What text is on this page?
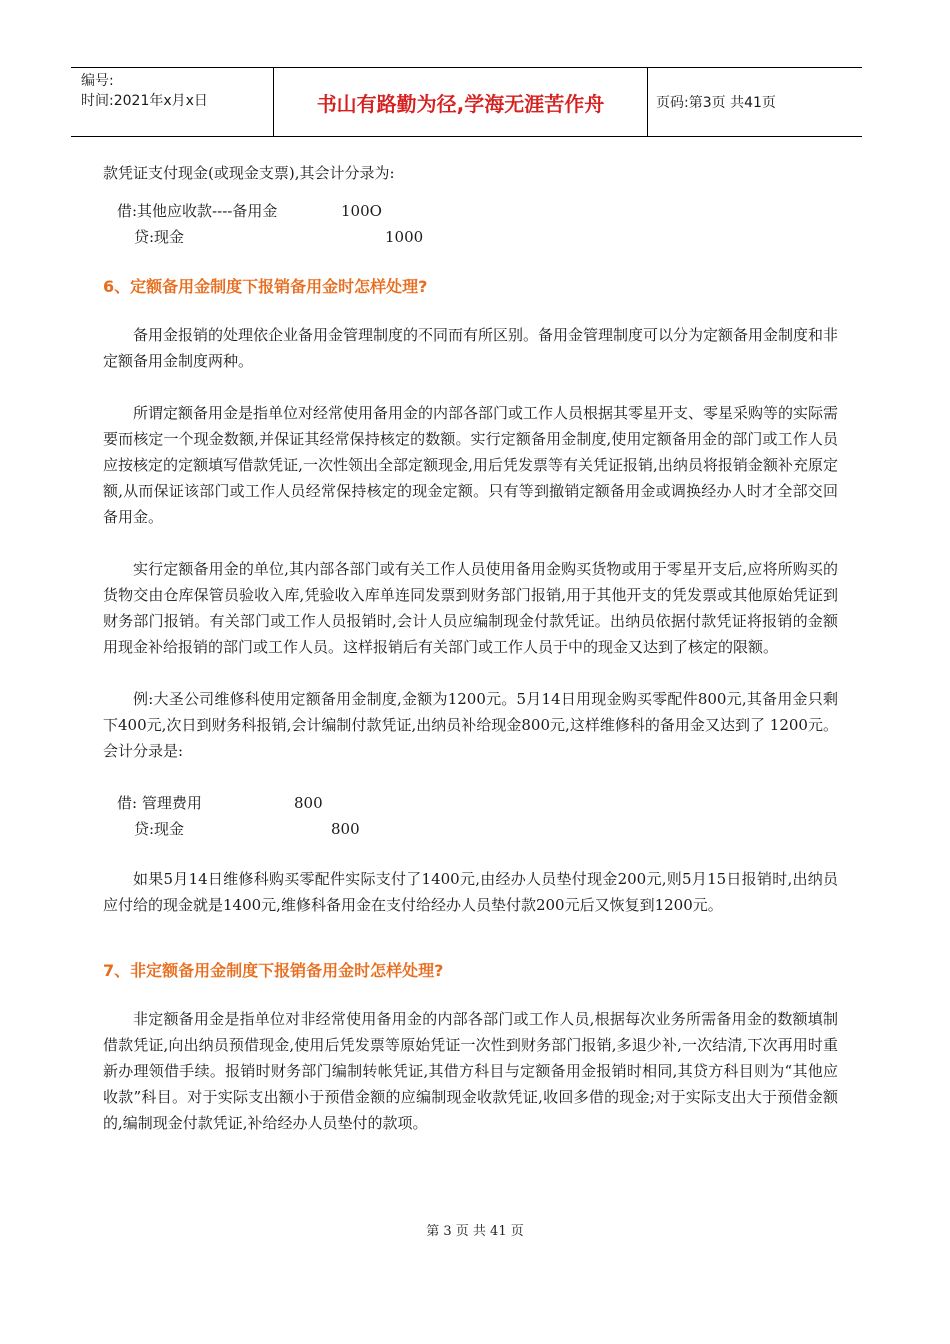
编号:
时间:2021年x月x日	书山有路勤为径,学海无涯苦作舟	页码:第3页 共41页

款凭证支付现金(或现金支票),其会计分录为:

借:其他应收款----备用金	100O
贷:现金	1000

6、定额备用金制度下报销备用金时怎样处理?

备用金报销的处理依企业备用金管理制度的不同而有所区别。备用金管理制度可以分为定额备用金制度和非定额备用金制度两种。

所谓定额备用金是指单位对经常使用备用金的内部各部门或工作人员根据其零星开支、零星采购等的实际需要而核定一个现金数额,并保证其经常保持核定的数额。实行定额备用金制度,使用定额备用金的部门或工作人员应按核定的定额填写借款凭证,一次性领出全部定额现金,用后凭发票等有关凭证报销,出纳员将报销金额补充原定额,从而保证该部门或工作人员经常保持核定的现金定额。只有等到撤销定额备用金或调换经办人时才全部交回备用金。

实行定额备用金的单位,其内部各部门或有关工作人员使用备用金购买货物或用于零星开支后,应将所购买的货物交由仓库保管员验收入库,凭验收入库单连同发票到财务部门报销,用于其他开支的凭发票或其他原始凭证到财务部门报销。有关部门或工作人员报销时,会计人员应编制现金付款凭证。出纳员依据付款凭证将报销的金额用现金补给报销的部门或工作人员。这样报销后有关部门或工作人员于中的现金又达到了核定的限额。

例:大圣公司维修科使用定额备用金制度,金额为1200元。5月14日用现金购买零配件800元,其备用金只剩下400元,次日到财务科报销,会计编制付款凭证,出纳员补给现金800元,这样维修科的备用金又达到了 1200元。会计分录是:

借: 管理费用	800
贷:现金	800

如果5月14日维修科购买零配件实际支付了1400元,由经办人员垫付现金200元,则5月15日报销时,出纳员应付给的现金就是1400元,维修科备用金在支付给经办人员垫付款200元后又恢复到1200元。

7、非定额备用金制度下报销备用金时怎样处理?

非定额备用金是指单位对非经常使用备用金的内部各部门或工作人员,根据每次业务所需备用金的数额填制借款凭证,向出纳员预借现金,使用后凭发票等原始凭证一次性到财务部门报销,多退少补,一次结清,下次再用时重新办理领借手续。报销时财务部门编制转帐凭证,其借方科目与定额备用金报销时相同,其贷方科目则为“其他应收款”科目。对于实际支出额小于预借金额的应编制现金收款凭证,收回多借的现金;对于实际支出大于预借金额的,编制现金付款凭证,补给经办人员垫付的款项。

第 3 页 共 41 页
